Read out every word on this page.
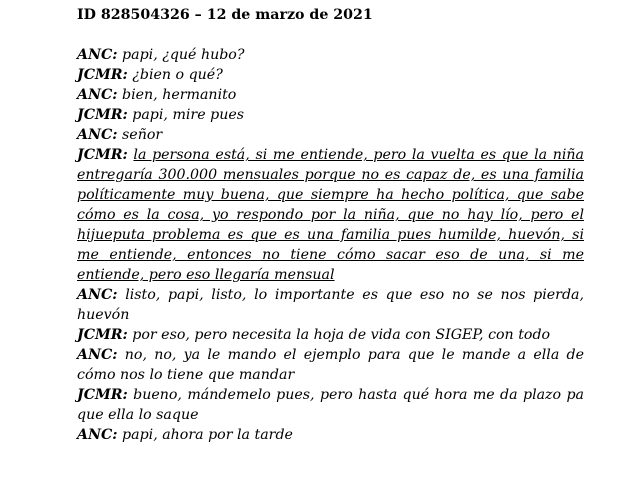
ID 828504326 – 12 de marzo de 2021

ANC: papi, ¿qué hubo?

JCMR: ¿bien o qué?

ANC: bien, hermanito

JCMR: papi, mire pues

ANC: señor

JCMR: la persona está, si me entiende, pero la vuelta es que la niña entregaría 300.000 mensuales porque no es capaz de, es una familia políticamente muy buena, que siempre ha hecho política, que sabe cómo es la cosa, yo respondo por la niña, que no hay lío, pero el hijueputa problema es que es una familia pues humilde, huevón, si me entiende, entonces no tiene cómo sacar eso de una, si me entiende, pero eso llegaría mensual

ANC: listo, papi, listo, lo importante es que eso no se nos pierda, huevón

JCMR: por eso, pero necesita la hoja de vida con SIGEP, con todo

ANC: no, no, ya le mando el ejemplo para que le mande a ella de cómo nos lo tiene que mandar

JCMR: bueno, mándemelo pues, pero hasta qué hora me da plazo pa que ella lo saque

ANC: papi, ahora por la tarde
